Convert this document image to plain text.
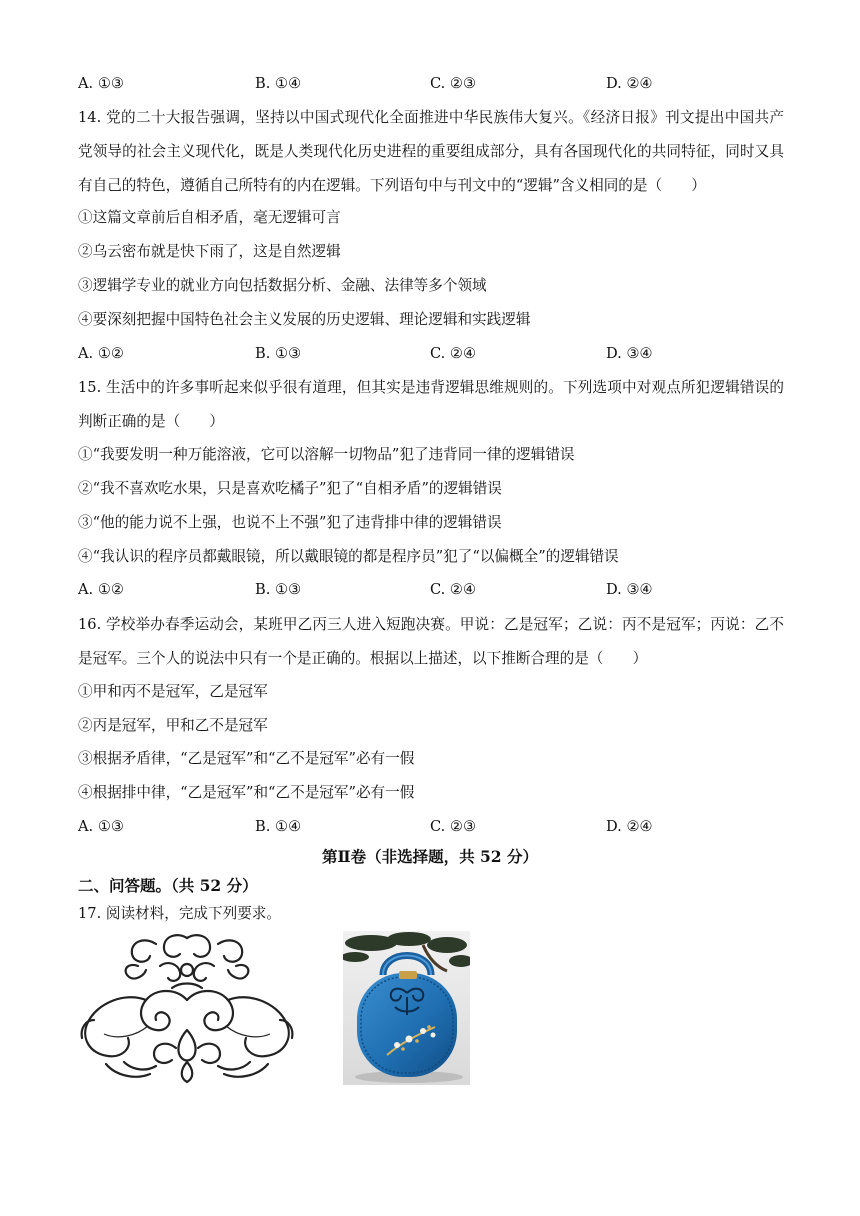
A. ①③	B. ①④	C. ②③	D. ②④
14. 党的二十大报告强调，坚持以中国式现代化全面推进中华民族伟大复兴。《经济日报》刊文提出中国共产党领导的社会主义现代化，既是人类现代化历史进程的重要组成部分，具有各国现代化的共同特征，同时又具有自己的特色，遵循自己所特有的内在逻辑。下列语句中与刊文中的“逻辑”含义相同的是（　　）
①这篇文章前后自相矛盾，毫无逻辑可言
②乌云密布就是快下雨了，这是自然逻辑
③逻辑学专业的就业方向包括数据分析、金融、法律等多个领域
④要深刻把握中国特色社会主义发展的历史逻辑、理论逻辑和实践逻辑
A. ①②	B. ①③	C. ②④	D. ③④
15. 生活中的许多事听起来似乎很有道理，但其实是违背逻辑思维规则的。下列选项中对观点所犯逻辑错误的判断正确的是（　　）
①“我要发明一种万能溶液，它可以溶解一切物品”犯了违背同一律的逻辑错误
②“我不喜欢吃水果，只是喜欢吃橘子”犯了“自相矛盾”的逻辑错误
③“他的能力说不上强，也说不上不强”犯了违背排中律的逻辑错误
④“我认识的程序员都戴眼镜，所以戴眼镜的都是程序员”犯了“以偏概全”的逻辑错误
A. ①②	B. ①③	C. ②④	D. ③④
16. 学校举办春季运动会，某班甲乙丙三人进入短跑决赛。甲说：乙是冠军；乙说：丙不是冠军；丙说：乙不是冠军。三个人的说法中只有一个是正确的。根据以上描述，以下推断合理的是（　　）
①甲和丙不是冠军，乙是冠军
②丙是冠军，甲和乙不是冠军
③根据矛盾律，“乙是冠军”和“乙不是冠军”必有一假
④根据排中律，“乙是冠军”和“乙不是冠军”必有一假
A. ①③	B. ①④	C. ②③	D. ②④
第Ⅱ卷（非选择题，共 52 分）
二、问答题。（共 52 分）
17. 阅读材料，完成下列要求。
